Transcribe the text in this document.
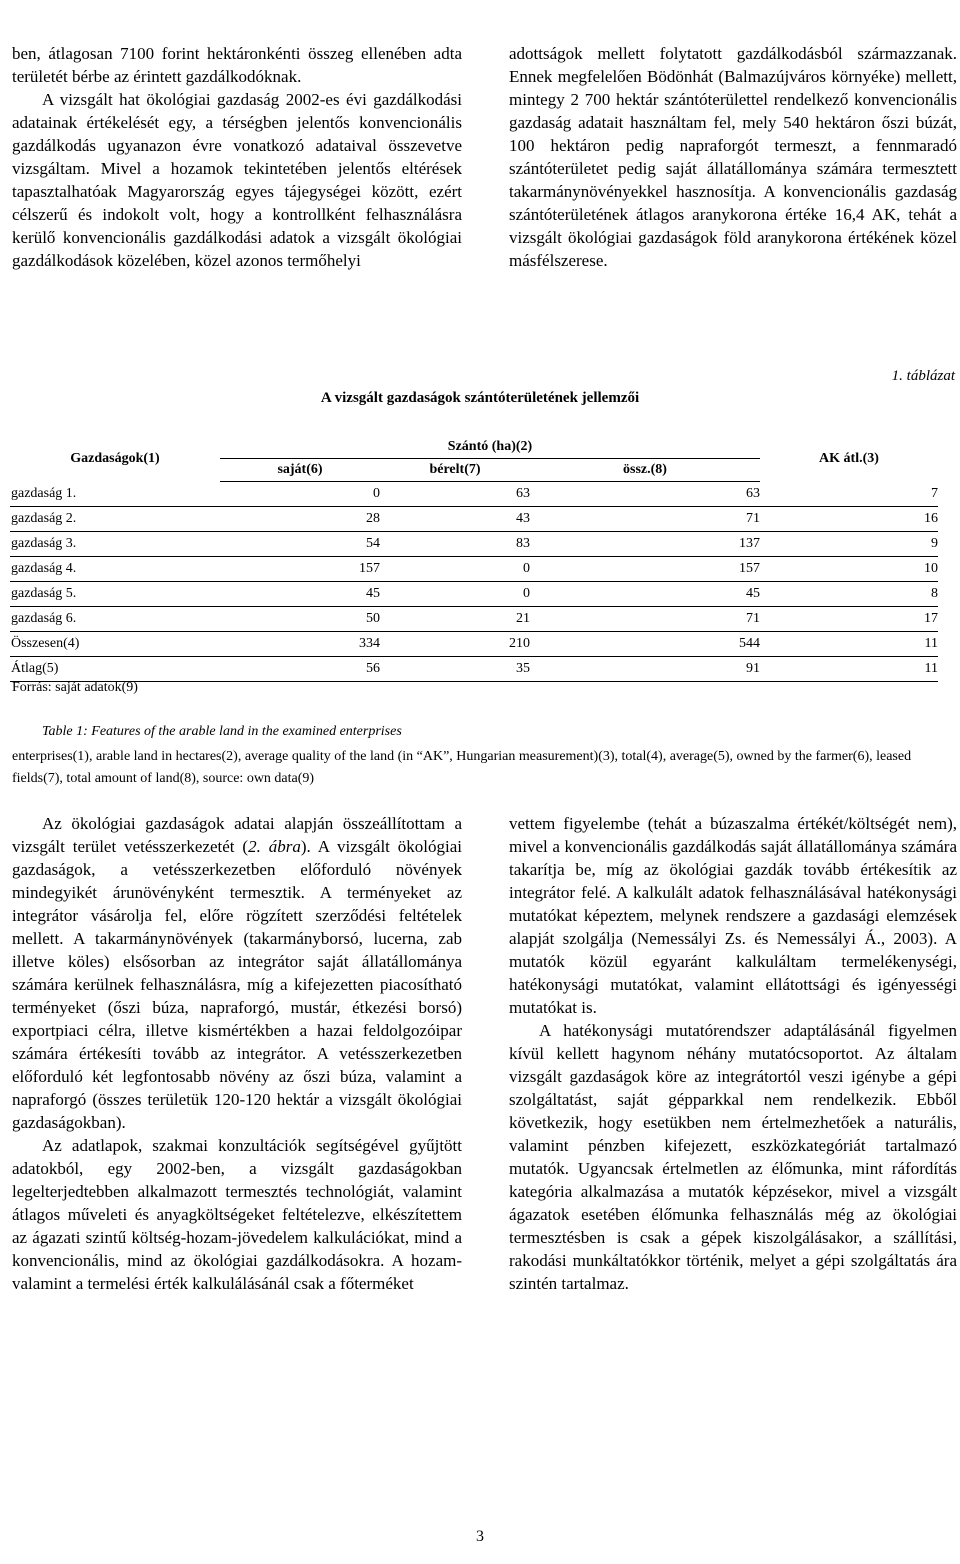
ben, átlagosan 7100 forint hektáronkénti összeg ellenében adta területét bérbe az érintett gazdálkodóknak.

A vizsgált hat ökológiai gazdaság 2002-es évi gazdálkodási adatainak értékelését egy, a térségben jelentős konvencionális gazdálkodás ugyanazon évre vonatkozó adataival összevetve vizsgáltam. Mivel a hozamok tekintetében jelentős eltérések tapasztalhatóak Magyarország egyes tájegységei között, ezért célszerű és indokolt volt, hogy a kontrollként felhasználásra kerülő konvencionális gazdálkodási adatok a vizsgált ökológiai gazdálkodások közelében, közel azonos termőhelyi

adottságok mellett folytatott gazdálkodásból származzanak. Ennek megfelelően Bödönhát (Balmazújváros környéke) mellett, mintegy 2 700 hektár szántóterülettel rendelkező konvencionális gazdaság adatait használtam fel, mely 540 hektáron őszi búzát, 100 hektáron pedig napraforgót termeszt, a fennmaradó szántóterületet pedig saját állatállománya számára termesztett takarmánynövényekkel hasznosítja. A konvencionális gazdaság szántóterületének átlagos aranykorona értéke 16,4 AK, tehát a vizsgált ökológiai gazdaságok föld aranykorona értékének közel másfélszerese.

1. táblázat
A vizsgált gazdaságok szántóterületének jellemzői
Gazdaságok(1)	Szántó (ha)(2)			AK átl.(3)
	saját(6)	bérelt(7)	össz.(8)	
gazdaság 1.	0	63	63	7
gazdaság 2.	28	43	71	16
gazdaság 3.	54	83	137	9
gazdaság 4.	157	0	157	10
gazdaság 5.	45	0	45	8
gazdaság 6.	50	21	71	17
Összesen(4)	334	210	544	11
Átlag(5)	56	35	91	11
Forrás: saját adatok(9)
Table 1: Features of the arable land in the examined enterprises
enterprises(1), arable land in hectares(2), average quality of the land (in “AK”, Hungarian measurement)(3), total(4), average(5), owned by the farmer(6), leased fields(7), total amount of land(8), source: own data(9)

Az ökológiai gazdaságok adatai alapján összeállítottam a vizsgált terület vetésszerkezetét (2. ábra). A vizsgált ökológiai gazdaságok, a vetésszerkezetben előforduló növények mindegyikét árunövényként termesztik. A terményeket az integrátor vásárolja fel, előre rögzített szerződési feltételek mellett. A takarmánynövények (takarmányborsó, lucerna, zab illetve köles) elsősorban az integrátor saját állatállománya számára kerülnek felhasználásra, míg a kifejezetten piacosítható terményeket (őszi búza, napraforgó, mustár, étkezési borsó) exportpiaci célra, illetve kismértékben a hazai feldolgozóipar számára értékesíti tovább az integrátor. A vetésszerkezetben előforduló két legfontosabb növény az őszi búza, valamint a napraforgó (összes területük 120-120 hektár a vizsgált ökológiai gazdaságokban).

Az adatlapok, szakmai konzultációk segítségével gyűjtött adatokból, egy 2002-ben, a vizsgált gazdaságokban legelterjedtebben alkalmazott termesztés technológiát, valamint átlagos műveleti és anyagköltségeket feltételezve, elkészítettem az ágazati szintű költség-hozam-jövedelem kalkulációkat, mind a konvencionális, mind az ökológiai gazdálkodásokra. A hozam- valamint a termelési érték kalkulálásánál csak a főterméket

vettem figyelembe (tehát a búzaszalma értékét/költségét nem), mivel a konvencionális gazdálkodás saját állatállománya számára takarítja be, míg az ökológiai gazdák tovább értékesítik az integrátor felé. A kalkulált adatok felhasználásával hatékonysági mutatókat képeztem, melynek rendszere a gazdasági elemzések alapját szolgálja (Nemessályi Zs. és Nemessályi Á., 2003). A mutatók közül egyaránt kalkuláltam termelékenységi, hatékonysági mutatókat, valamint ellátottsági és igényességi mutatókat is.

A hatékonysági mutatórendszer adaptálásánál figyelmen kívül kellett hagynom néhány mutatócsoportot. Az általam vizsgált gazdaságok köre az integrátortól veszi igénybe a gépi szolgáltatást, saját gépparkkal nem rendelkezik. Ebből következik, hogy esetükben nem értelmezhetőek a naturális, valamint pénzben kifejezett, eszközkategóriát tartalmazó mutatók. Ugyancsak értelmetlen az élőmunka, mint ráfordítás kategória alkalmazása a mutatók képzésekor, mivel a vizsgált ágazatok esetében élőmunka felhasználás még az ökológiai termesztésben is csak a gépek kiszolgálásakor, a szállítási, rakodási munkáltatókkor történik, melyet a gépi szolgáltatás ára szintén tartalmaz.

3
